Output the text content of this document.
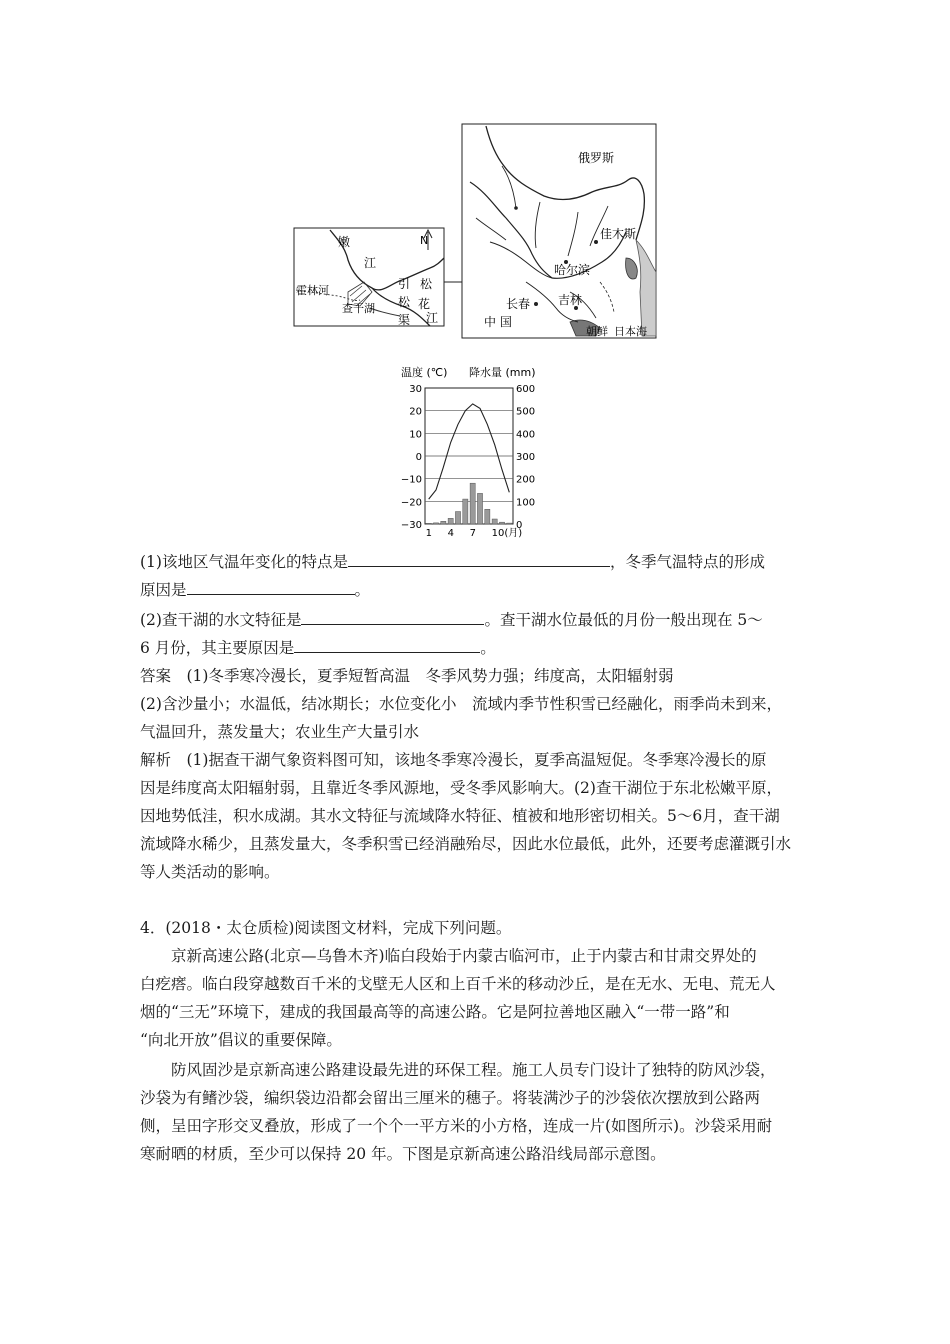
N
嫩
江
霍林河
查干湖
引
松
渠
松
花
江
俄罗斯
佳木斯
哈尔滨
长春 吉林
中 国
朝鲜 日本海
温度 (℃) 降水量 (mm)
30	600
20	500
10	400
0	300
−10	200
−20	100
−30	0
1 4 7 10(月)

(1)该地区气温年变化的特点是	，冬季气温特点的形成
原因是	。

(2)查干湖的水文特征是	。查干湖水位最低的月份一般出现在 5～
6 月份，其主要原因是	。

答案　(1)冬季寒冷漫长，夏季短暂高温　冬季风势力强；纬度高，太阳辐射弱
(2)含沙量小；水温低，结冰期长；水位变化小　流域内季节性积雪已经融化，雨季尚未到来，
气温回升，蒸发量大；农业生产大量引水
解析　(1)据查干湖气象资料图可知，该地冬季寒冷漫长，夏季高温短促。冬季寒冷漫长的原
因是纬度高太阳辐射弱，且靠近冬季风源地，受冬季风影响大。(2)查干湖位于东北松嫩平原，
因地势低洼，积水成湖。其水文特征与流域降水特征、植被和地形密切相关。5～6月，查干湖
流域降水稀少，且蒸发量大，冬季积雪已经消融殆尽，因此水位最低，此外，还要考虑灌溉引水
等人类活动的影响。
4．(2018・太仓质检)阅读图文材料，完成下列问题。
京新高速公路(北京—乌鲁木齐)临白段始于内蒙古临河市，止于内蒙古和甘肃交界处的
白疙瘩。临白段穿越数百千米的戈壁无人区和上百千米的移动沙丘，是在无水、无电、荒无人
烟的“三无”环境下，建成的我国最高等的高速公路。它是阿拉善地区融入“一带一路”和
“向北开放”倡议的重要保障。
防风固沙是京新高速公路建设最先进的环保工程。施工人员专门设计了独特的防风沙袋，
沙袋为有鳍沙袋，编织袋边沿都会留出三厘米的穗子。将装满沙子的沙袋依次摆放到公路两
侧，呈田字形交叉叠放，形成了一个个一平方米的小方格，连成一片(如图所示)。沙袋采用耐
寒耐晒的材质，至少可以保持 20 年。下图是京新高速公路沿线局部示意图。
